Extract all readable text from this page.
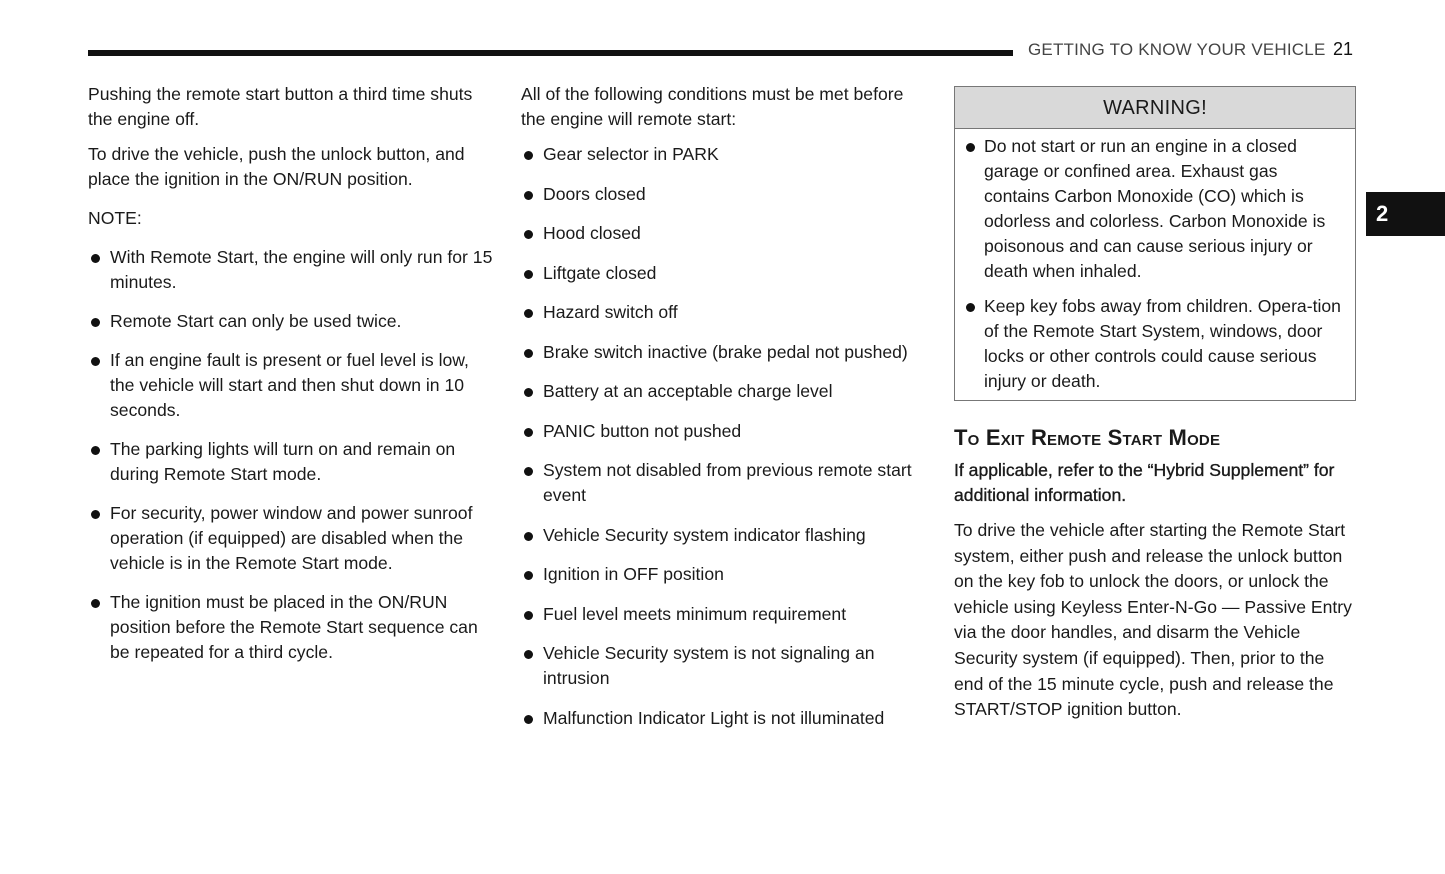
GETTING TO KNOW YOUR VEHICLE 21
2

Pushing the remote start button a third time shuts the engine off.

To drive the vehicle, push the unlock button, and place the ignition in the ON/RUN position.

NOTE:

With Remote Start, the engine will only run for 15 minutes.
Remote Start can only be used twice.
If an engine fault is present or fuel level is low, the vehicle will start and then shut down in 10 seconds.
The parking lights will turn on and remain on during Remote Start mode.
For security, power window and power sunroof operation (if equipped) are disabled when the vehicle is in the Remote Start mode.
The ignition must be placed in the ON/RUN position before the Remote Start sequence can be repeated for a third cycle.

All of the following conditions must be met before the engine will remote start:

Gear selector in PARK
Doors closed
Hood closed
Liftgate closed
Hazard switch off
Brake switch inactive (brake pedal not pushed)
Battery at an acceptable charge level
PANIC button not pushed
System not disabled from previous remote start event
Vehicle Security system indicator flashing
Ignition in OFF position
Fuel level meets minimum requirement
Vehicle Security system is not signaling an intrusion
Malfunction Indicator Light is not illuminated
WARNING!
Do not start or run an engine in a closed garage or confined area. Exhaust gas contains Carbon Monoxide (CO) which is odorless and colorless. Carbon Monoxide is poisonous and can cause serious injury or death when inhaled.
Keep key fobs away from children. Opera-tion of the Remote Start System, windows, door locks or other controls could cause serious injury or death.
To Exit Remote Start Mode

If applicable, refer to the “Hybrid Supplement” for additional information.

To drive the vehicle after starting the Remote Start system, either push and release the unlock button on the key fob to unlock the doors, or unlock the vehicle using Keyless Enter-N-Go — Passive Entry via the door handles, and disarm the Vehicle Security system (if equipped). Then, prior to the end of the 15 minute cycle, push and release the START/STOP ignition button.
